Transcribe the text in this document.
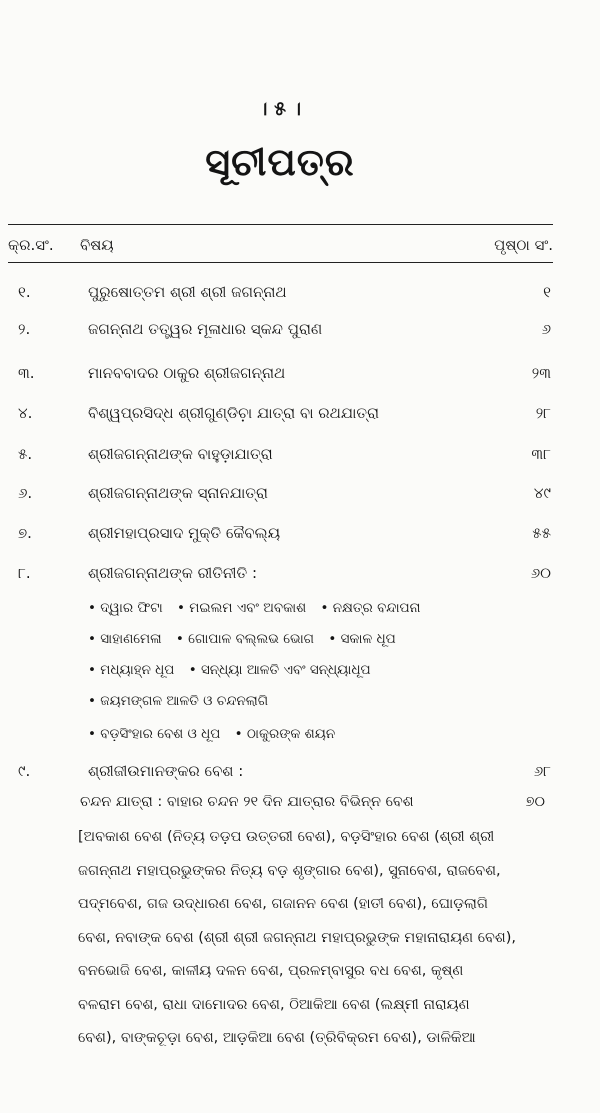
। ୫ ।
ସୂଚୀପତ୍ର
କ୍ର.ସଂ. ବିଷୟ	ପୃଷ୍ଠା ସଂ.
୧.	ପୁରୁଷୋତ୍ତମ ଶ୍ରୀ ଶ୍ରୀ ଜଗନ୍ନାଥ	୧
୨.	ଜଗନ୍ନାଥ ତତ୍ତ୍ୱର ମୂଳାଧାର ସ୍କନ୍ଦ ପୁରାଣ	୬
୩.	ମାନବବାଦର ଠାକୁର ଶ୍ରୀଜଗନ୍ନାଥ	୨୩
୪.	ବିଶ୍ୱପ୍ରସିଦ୍ଧ ଶ୍ରୀଗୁଣ୍ଡିଚ଼ା ଯାତ୍ରା ବା ରଥଯାତ୍ରା	୨୮
୫.	ଶ୍ରୀଜଗନ୍ନାଥଙ୍କ ବାହୁଡ଼ାଯାତ୍ରା	୩୮
୬.	ଶ୍ରୀଜଗନ୍ନାଥଙ୍କ ସ୍ନାନଯାତ୍ରା	୪୯
୭.	ଶ୍ରୀମହାପ୍ରସାଦ ମୁକ୍ତି କୈବଲ୍ୟ	୫୫
୮.	ଶ୍ରୀଜଗନ୍ନାଥଙ୍କ ରୀତିନୀତି :	୬୦
• ଦ୍ୱାର ଫିଟା • ମଇଲମ ଏବଂ ଅବକାଶ • ନକ୍ଷତ୍ର ବନ୍ଦାପନା
• ସାହାଣମେଳା • ଗୋପାଳ ବଲ୍ଲଭ ଭୋଗ • ସକାଳ ଧୂପ
• ମଧ୍ୟାହ୍ନ ଧୂପ • ସନ୍ଧ୍ୟା ଆଳତି ଏବଂ ସନ୍ଧ୍ୟାଧୂପ
• ଜୟମଙ୍ଗଳ ଆଳତି ଓ ଚନ୍ଦନଲାଗି
• ବଡ଼ସିଂହାର ବେଶ ଓ ଧୂପ • ଠାକୁରଙ୍କ ଶୟନ
୯.	ଶ୍ରୀଜୀଉମାନଙ୍କର ବେଶ :	୬୮
ଚନ୍ଦନ ଯାତ୍ରା : ବାହାର ଚନ୍ଦନ ୨୧ ଦିନ ଯାତ୍ରାର ବିଭିନ୍ନ ବେଶ	୭୦
[ଅବକାଶ ବେଶ (ନିତ୍ୟ ତଡ଼ପ ଉତ୍ତରୀ ବେଶ), ବଡ଼ସିଂହାର ବେଶ (ଶ୍ରୀ ଶ୍ରୀ
ଜଗନ୍ନାଥ ମହାପ୍ରଭୁଙ୍କର ନିତ୍ୟ ବଡ଼ ଶୃଙ୍ଗାର ବେଶ), ସୁନାବେଶ, ରାଜବେଶ,
ପଦ୍ମବେଶ, ଗଜ ଉଦ୍ଧାରଣ ବେଶ, ଗଜାନନ ବେଶ (ହାତୀ ବେଶ), ଘୋଡ଼ଲାଗି
ବେଶ, ନବାଙ୍କ ବେଶ (ଶ୍ରୀ ଶ୍ରୀ ଜଗନ୍ନାଥ ମହାପ୍ରଭୁଙ୍କ ମହାନାରାୟଣ ବେଶ),
ବନଭୋଜି ବେଶ, କାଳୀୟ ଦଳନ ବେଶ, ପ୍ରଳମ୍ବାସୁର ବଧ ବେଶ, କୃଷ୍ଣ
ବଳରାମ ବେଶ, ରାଧା ଦାମୋଦର ବେଶ, ଠିଆକିଆ ବେଶ (ଲକ୍ଷ୍ମୀ ନାରାୟଣ
ବେଶ), ବାଙ୍କଚୂଡ଼ା ବେଶ, ଆଡ଼କିଆ ବେଶ (ତ୍ରିବିକ୍ରମ ବେଶ), ଡାଳିକିଆ
